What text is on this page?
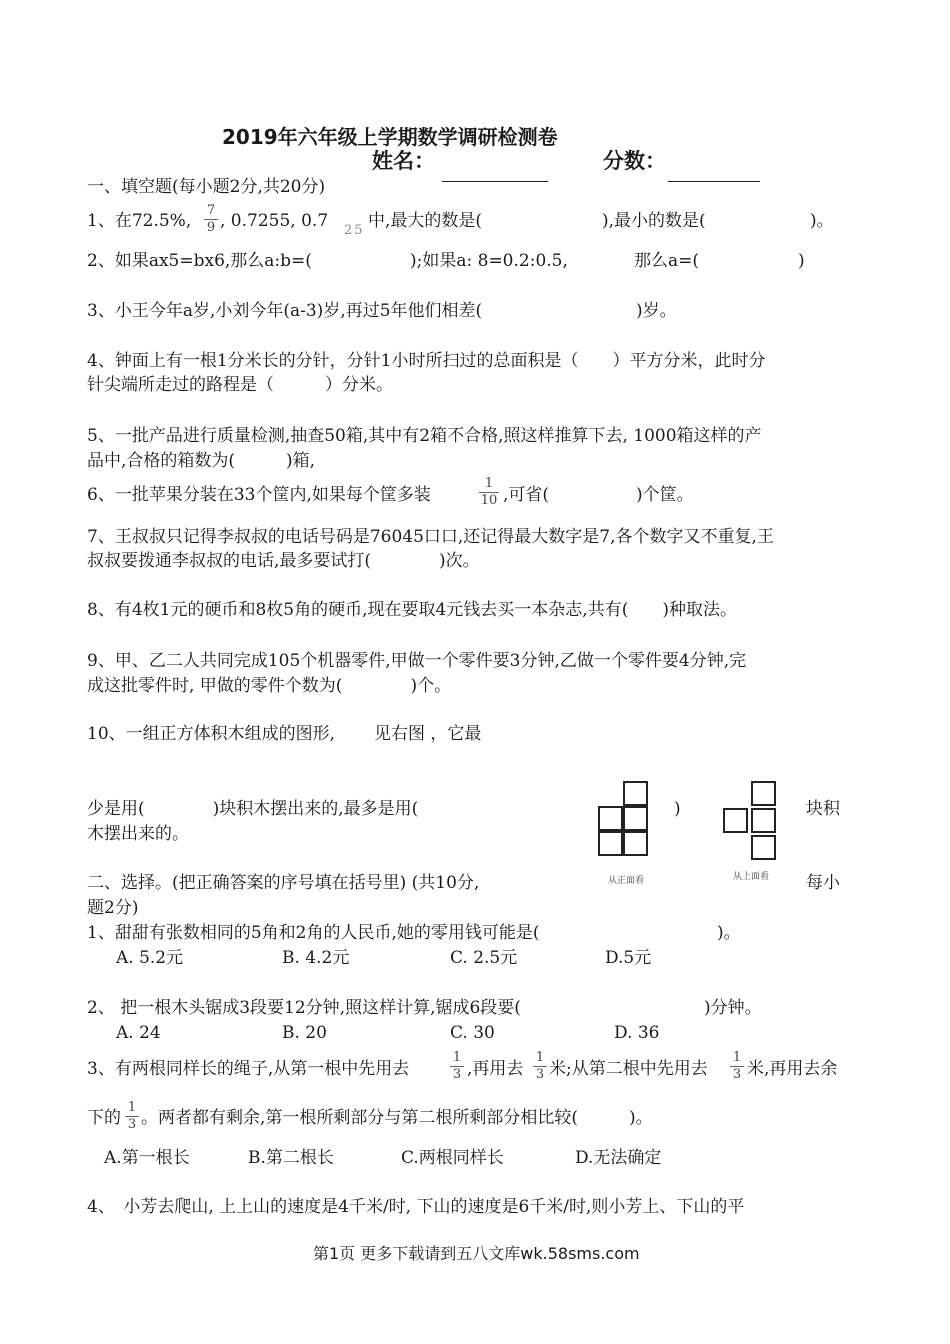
2019年六年级上学期数学调研检测卷
姓名：	分数：
一、填空题(每小题2分,共20分)
1、在72.5%,
7
9 , 0.7255, 0.7 25 中,最大的数是(	),最小的数是(	)。
2、如果ax5=bx6,那么a:b=(	);如果a: 8=0.2:0.5,	那么a=(	)
3、小王今年a岁,小刘今年(a-3)岁,再过5年他们相差(	)岁。
4、钟面上有一根1分米长的分针，分针1小时所扫过的总面积是（　　）平方分米，此时分
针尖端所走过的路程是（　　　）分米。
5、一批产品进行质量检测,抽查50箱,其中有2箱不合格,照这样推算下去, 1000箱这样的产
品中,合格的箱数为(　　　)箱,
6、一批苹果分装在33个筐内,如果每个筐多装
1
10 ,可省(	)个筐。
7、王叔叔只记得李叔叔的电话号码是76045口口,还记得最大数字是7,各个数字又不重复,王
叔叔要拨通李叔叔的电话,最多要试打(　　　　)次。
8、有4枚1元的硬币和8枚5角的硬币,现在要取4元钱去买一本杂志,共有(　　)种取法。
9、甲、乙二人共同完成105个机器零件,甲做一个零件要3分钟,乙做一个零件要4分钟,完
成这批零件时, 甲做的零件个数为(　　　　)个。
10、一组正方体积木组成的图形, 见右图 ，它最
少是用(　　　　)块积木摆出来的,最多是用(	)	块积
木摆出来的。
从正面看	从上面看
二、选择。(把正确答案的序号填在括号里) (共10分,	每小
题2分)
1、甜甜有张数相同的5角和2角的人民币,她的零用钱可能是(	)。
A. 5.2元	B. 4.2元	C. 2.5元	D.5元
2、 把一根木头锯成3段要12分钟,照这样计算,锯成6段要(	)分钟。
A. 24	B. 20	C. 30	D. 36
3、有两根同样长的绳子,从第一根中先用去
1
3 ,再用去
1
3 米;从第二根中先用去
1
3 米,再用去余
下的
1
3 。两者都有剩余,第一根所剩部分与第二根所剩部分相比较(　　　)。
A.第一根长	B.第二根长	C.两根同样长	D.无法确定
4、　小芳去爬山, 上上山的速度是4千米/时, 下山的速度是6千米/时,则小芳上、下山的平
第1页 更多下载请到五八文库wk.58sms.com
